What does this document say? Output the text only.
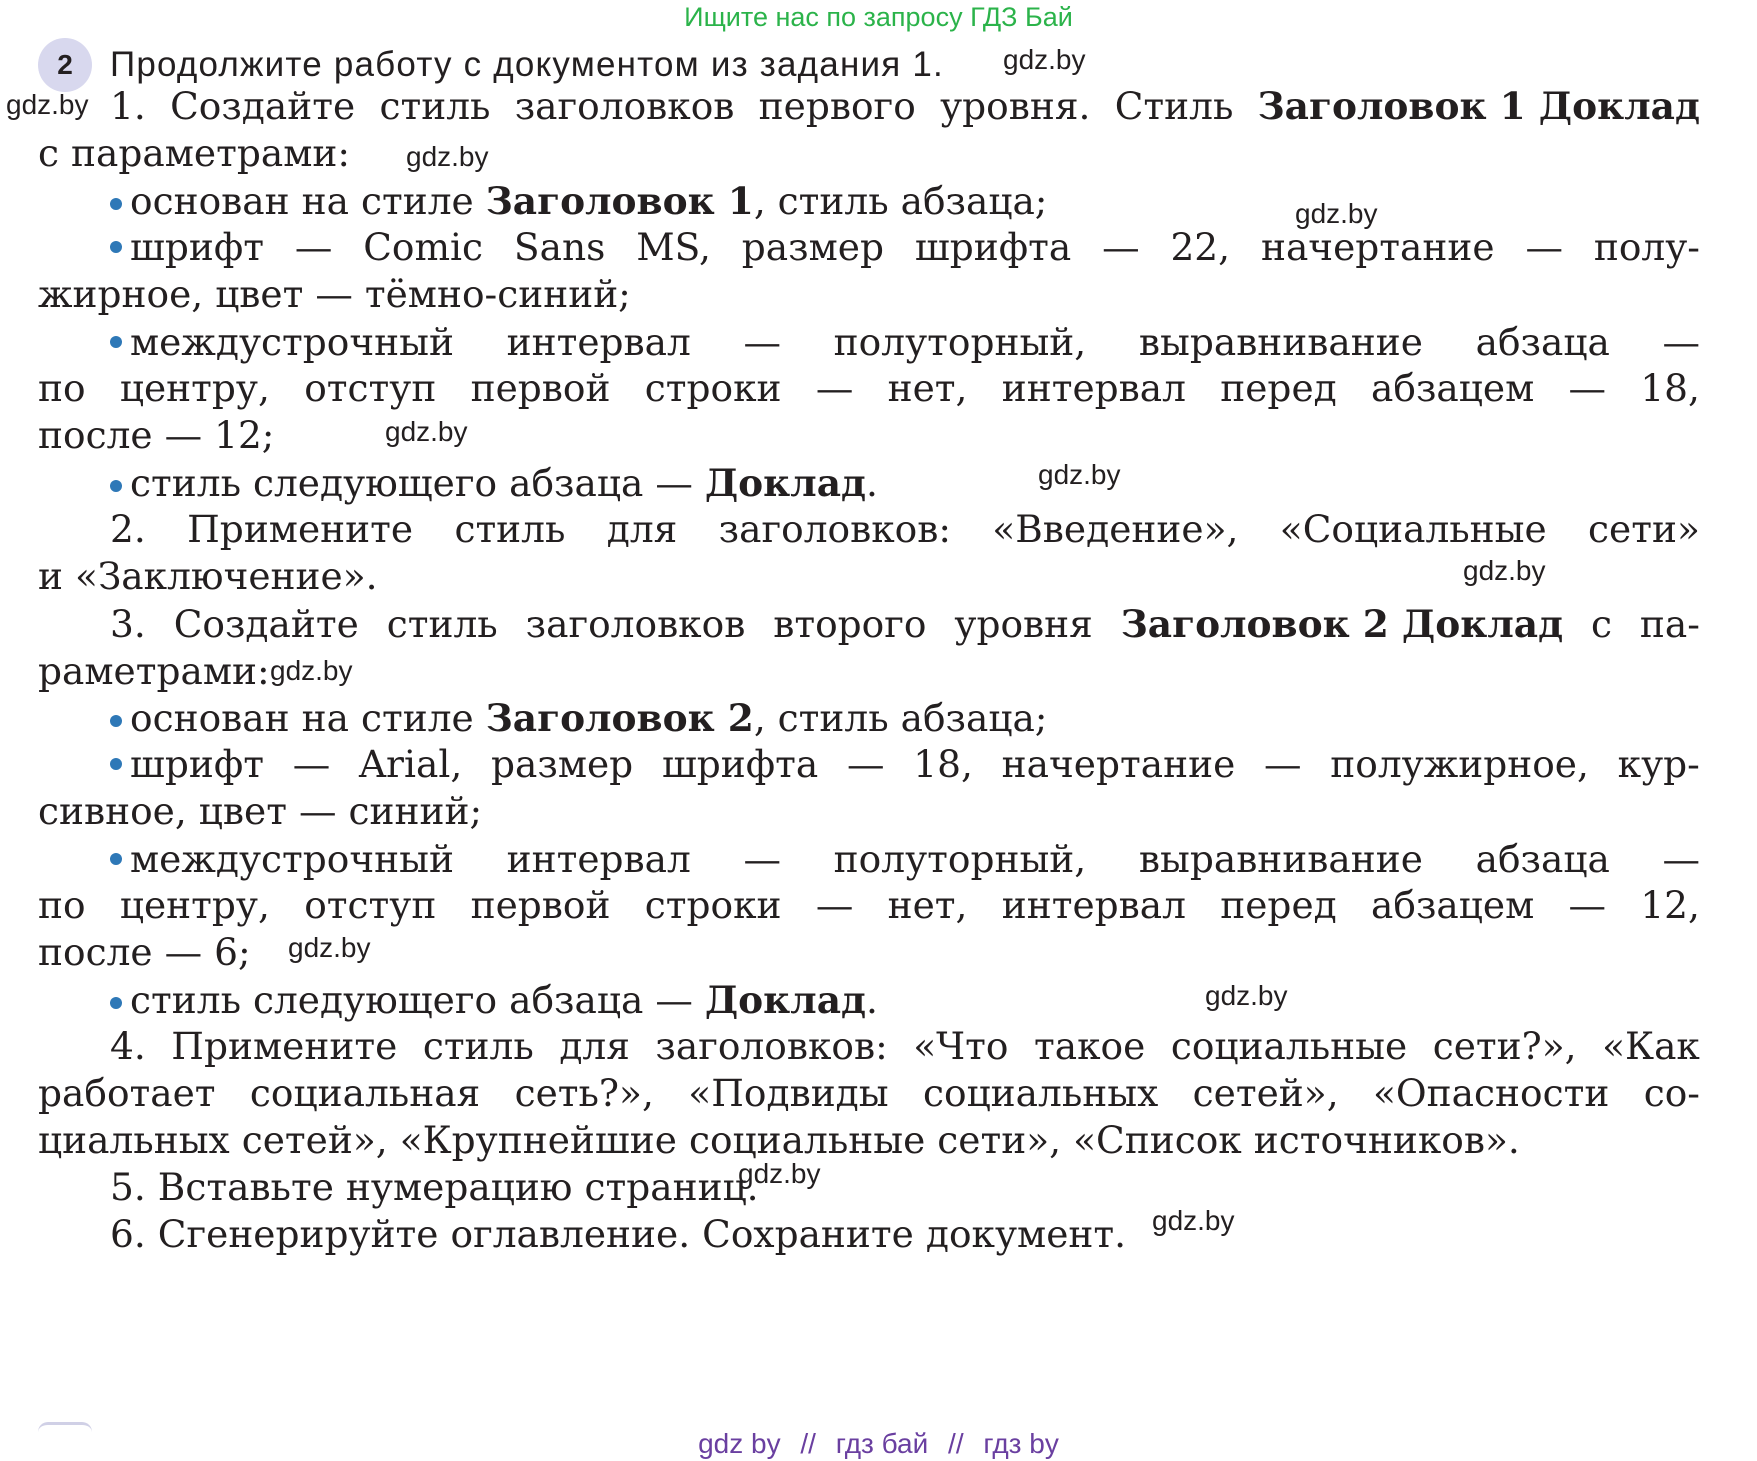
Ищите нас по запросу ГДЗ Бай
2	Продолжите работу с документом из задания 1. gdz.by
gdz.by
gdz.by
gdz.by
gdz.by
gdz.by
gdz.by
gdz.by
gdz.by
gdz.by
gdz.by
gdz.by
1. Создайте стиль заголовков первого уровня. Стиль Заголовок 1 Доклад
с параметрами:
основан на стиле Заголовок 1 , стиль абзаца;
шрифт — Comic Sans MS, размер шрифта — 22, начертание — полу-
жирное, цвет — тёмно-синий;
междустрочный интервал — полуторный, выравнивание абзаца —
по центру, отступ первой строки — нет, интервал перед абзацем — 18,
после — 12;
стиль следующего абзаца — Доклад .
2. Примените стиль для заголовков: «Введение», «Социальные сети»
и «Заключение».
3. Создайте стиль заголовков второго уровня Заголовок 2 Доклад с па-
раметрами:
основан на стиле Заголовок 2 , стиль абзаца;
шрифт — Arial, размер шрифта — 18, начертание — полужирное, кур-
сивное, цвет — синий;
междустрочный интервал — полуторный, выравнивание абзаца —
по центру, отступ первой строки — нет, интервал перед абзацем — 12,
после — 6;
стиль следующего абзаца — Доклад .
4. Примените стиль для заголовков: «Что такое социальные сети?», «Как
работает социальная сеть?», «Подвиды социальных сетей», «Опасности со-
циальных сетей», «Крупнейшие социальные сети», «Список источников».
5. Вставьте нумерацию страниц.
6. Сгенерируйте оглавление. Сохраните документ.
gdz by // гдз бай // гдз by
